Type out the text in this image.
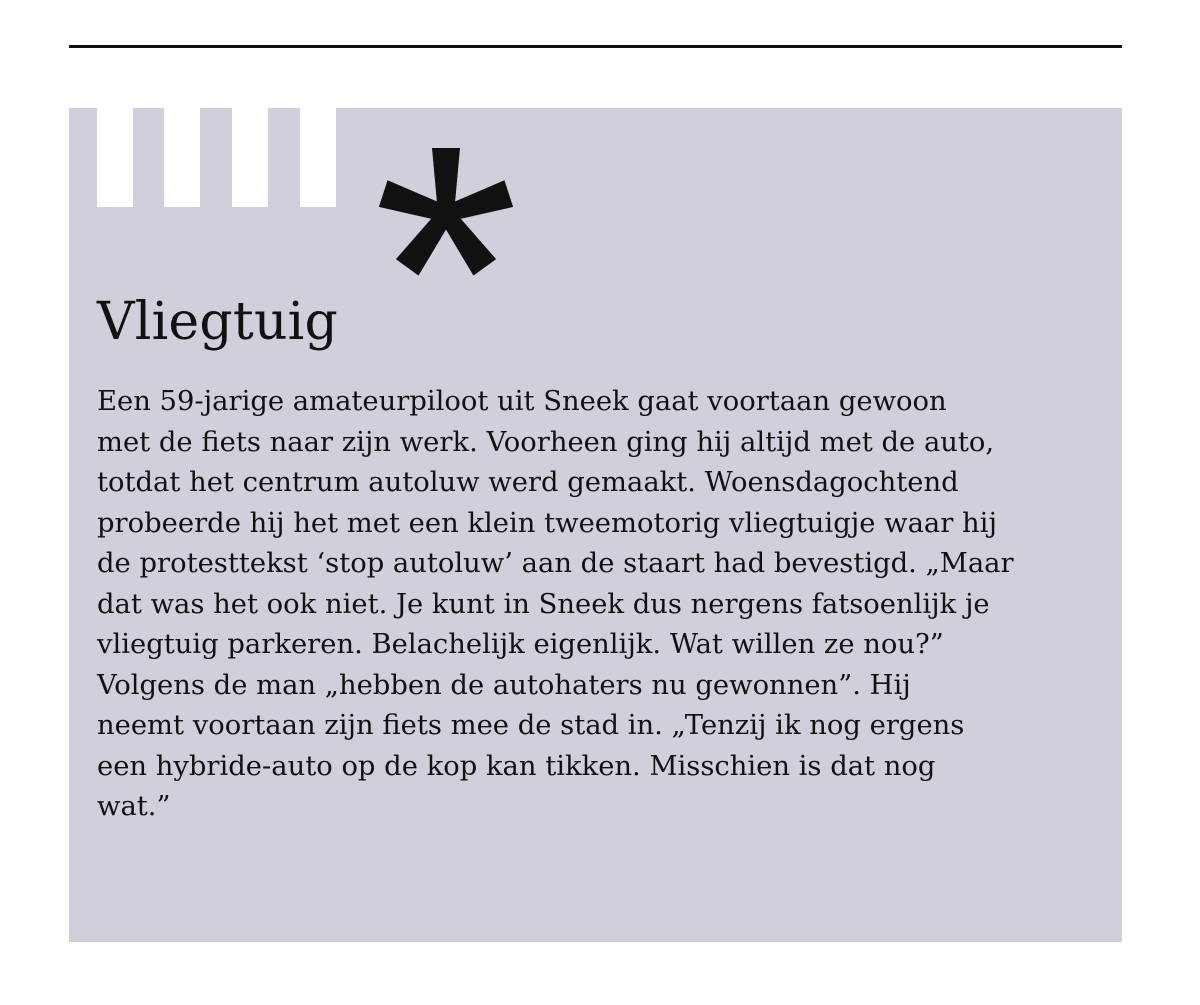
Vliegtuig

Een 59-jarige amateurpiloot uit Sneek gaat voortaan gewoon
met de fiets naar zijn werk. Voorheen ging hij altijd met de auto,
totdat het centrum autoluw werd gemaakt. Woensdagochtend
probeerde hij het met een klein tweemotorig vliegtuigje waar hij
de protesttekst ‘stop autoluw’ aan de staart had bevestigd. „Maar
dat was het ook niet. Je kunt in Sneek dus nergens fatsoenlijk je
vliegtuig parkeren. Belachelijk eigenlijk. Wat willen ze nou?”
Volgens de man „hebben de autohaters nu gewonnen”. Hij
neemt voortaan zijn fiets mee de stad in. „Tenzij ik nog ergens
een hybride-auto op de kop kan tikken. Misschien is dat nog
wat.”
